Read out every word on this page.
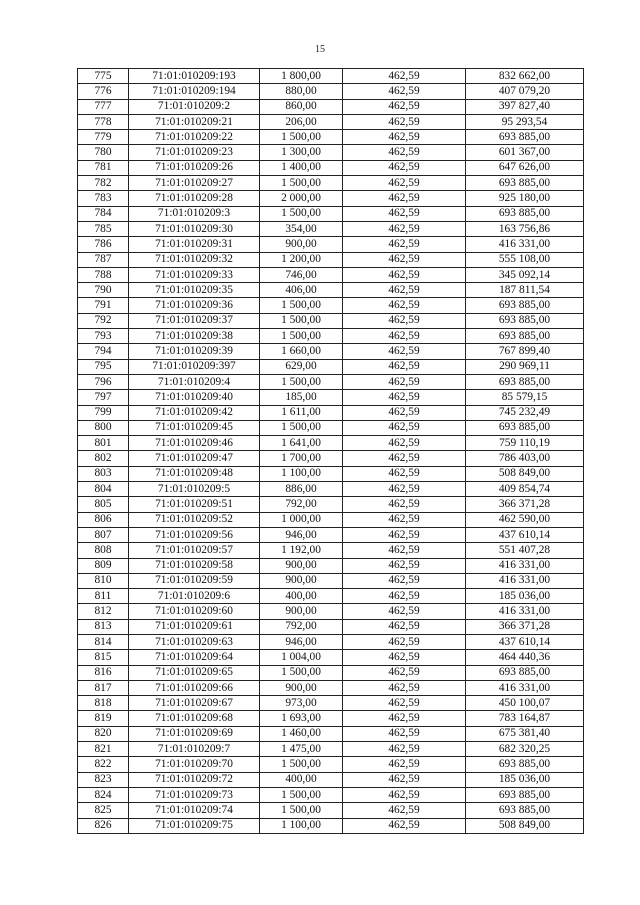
15
775	71:01:010209:193	1 800,00	462,59	832 662,00
776	71:01:010209:194	880,00	462,59	407 079,20
777	71:01:010209:2	860,00	462,59	397 827,40
778	71:01:010209:21	206,00	462,59	95 293,54
779	71:01:010209:22	1 500,00	462,59	693 885,00
780	71:01:010209:23	1 300,00	462,59	601 367,00
781	71:01:010209:26	1 400,00	462,59	647 626,00
782	71:01:010209:27	1 500,00	462,59	693 885,00
783	71:01:010209:28	2 000,00	462,59	925 180,00
784	71:01:010209:3	1 500,00	462,59	693 885,00
785	71:01:010209:30	354,00	462,59	163 756,86
786	71:01:010209:31	900,00	462,59	416 331,00
787	71:01:010209:32	1 200,00	462,59	555 108,00
788	71:01:010209:33	746,00	462,59	345 092,14
790	71:01:010209:35	406,00	462,59	187 811,54
791	71:01:010209:36	1 500,00	462,59	693 885,00
792	71:01:010209:37	1 500,00	462,59	693 885,00
793	71:01:010209:38	1 500,00	462,59	693 885,00
794	71:01:010209:39	1 660,00	462,59	767 899,40
795	71:01:010209:397	629,00	462,59	290 969,11
796	71:01:010209:4	1 500,00	462,59	693 885,00
797	71:01:010209:40	185,00	462,59	85 579,15
799	71:01:010209:42	1 611,00	462,59	745 232,49
800	71:01:010209:45	1 500,00	462,59	693 885,00
801	71:01:010209:46	1 641,00	462,59	759 110,19
802	71:01:010209:47	1 700,00	462,59	786 403,00
803	71:01:010209:48	1 100,00	462,59	508 849,00
804	71:01:010209:5	886,00	462,59	409 854,74
805	71:01:010209:51	792,00	462,59	366 371,28
806	71:01:010209:52	1 000,00	462,59	462 590,00
807	71:01:010209:56	946,00	462,59	437 610,14
808	71:01:010209:57	1 192,00	462,59	551 407,28
809	71:01:010209:58	900,00	462,59	416 331,00
810	71:01:010209:59	900,00	462,59	416 331,00
811	71:01:010209:6	400,00	462,59	185 036,00
812	71:01:010209:60	900,00	462,59	416 331,00
813	71:01:010209:61	792,00	462,59	366 371,28
814	71:01:010209:63	946,00	462,59	437 610,14
815	71:01:010209:64	1 004,00	462,59	464 440,36
816	71:01:010209:65	1 500,00	462,59	693 885,00
817	71:01:010209:66	900,00	462,59	416 331,00
818	71:01:010209:67	973,00	462,59	450 100,07
819	71:01:010209:68	1 693,00	462,59	783 164,87
820	71:01:010209:69	1 460,00	462,59	675 381,40
821	71:01:010209:7	1 475,00	462,59	682 320,25
822	71:01:010209:70	1 500,00	462,59	693 885,00
823	71:01:010209:72	400,00	462,59	185 036,00
824	71:01:010209:73	1 500,00	462,59	693 885,00
825	71:01:010209:74	1 500,00	462,59	693 885,00
826	71:01:010209:75	1 100,00	462,59	508 849,00
